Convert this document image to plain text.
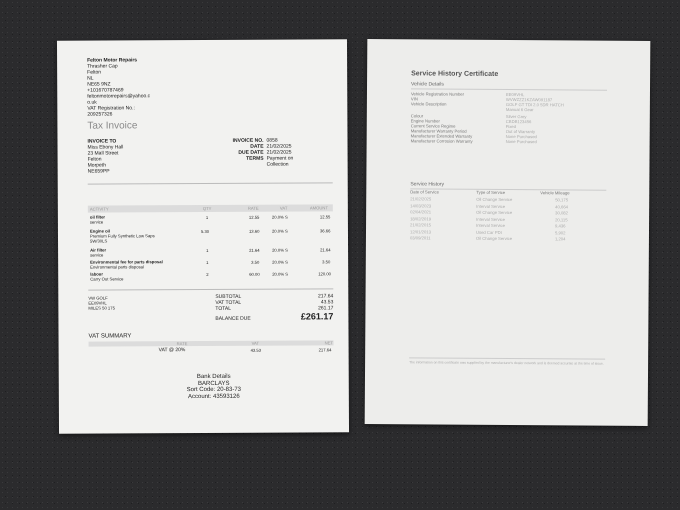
Felton Motor Repairs
Thrasher Cap
Felton
NL
NE65 9NZ
+101670787469
feltonmotorrepairs@yahoo.c
o.uk
VAT Registration No.:
209257326
Tax Invoice
INVOICE TO
Miss Ebony Hall
23 Mall Street
Felton
Morpeth
NE659PP
INVOICE NO. 0858
DATE 21/02/2025
DUE DATE 21/02/2025
TERMS Payment on
Collection
ACTIVITY	QTY	RATE	VAT	AMOUNT
oil filter
service
1	12.55	20.0% S	12.55
Engine oil
Premium Fully Synthetic Low Saps 5W/30LS
5.30	13.60	20.0% S	36.66
Air filter
service
1	21.64	20.0% S	21.64
Environmental fee for parts disposal
Environmental parts disposal
1	3.50	20.0% S	3.50
labour
Carry Out Service
2	60.00	20.0% S	120.00
VW GOLF
EE09VHL
MILES 50 175
SUBTOTAL	217.64
VAT TOTAL	43.53
TOTAL	261.17
BALANCE DUE	£261.17
VAT SUMMARY
RATE	VAT	NET
VAT @ 20%	43.53	217.64
Bank Details
BARCLAYS
Sort Code: 20-83-73
Account: 43593126
Service History Certificate
Vehicle Details
Vehicle Registration Number	EE09VHL
VIN	WVWZZZ1KZAW091187
Vehicle Description	GOLF GT TDI 2.0 5DR HATCH
Manual 6 Gear
Colour	Silver Grey
Engine Number	CBDB123456
Current Service Regime	Fixed
Manufacturer Warranty Period	Out of Warranty
Manufacturer Extended Warranty	None Purchased
Manufacturer Corrosion Warranty	None Purchased
Service History
Date of Service	Type of Service	Vehicle Mileage
21/02/2025	Oil Change Service	50,175
14/03/2023	Interval Service	40,664
02/04/2021	Oil Change Service	30,082
18/02/2019	Interval Service	20,115
21/02/2015	Interval Service	9,436
12/01/2013	Used Car PDI	5,902
03/09/2011	Oil Change Service	1,204
The information on this certificate was supplied by the manufacturer's dealer network and is deemed accurate at the time of issue.
